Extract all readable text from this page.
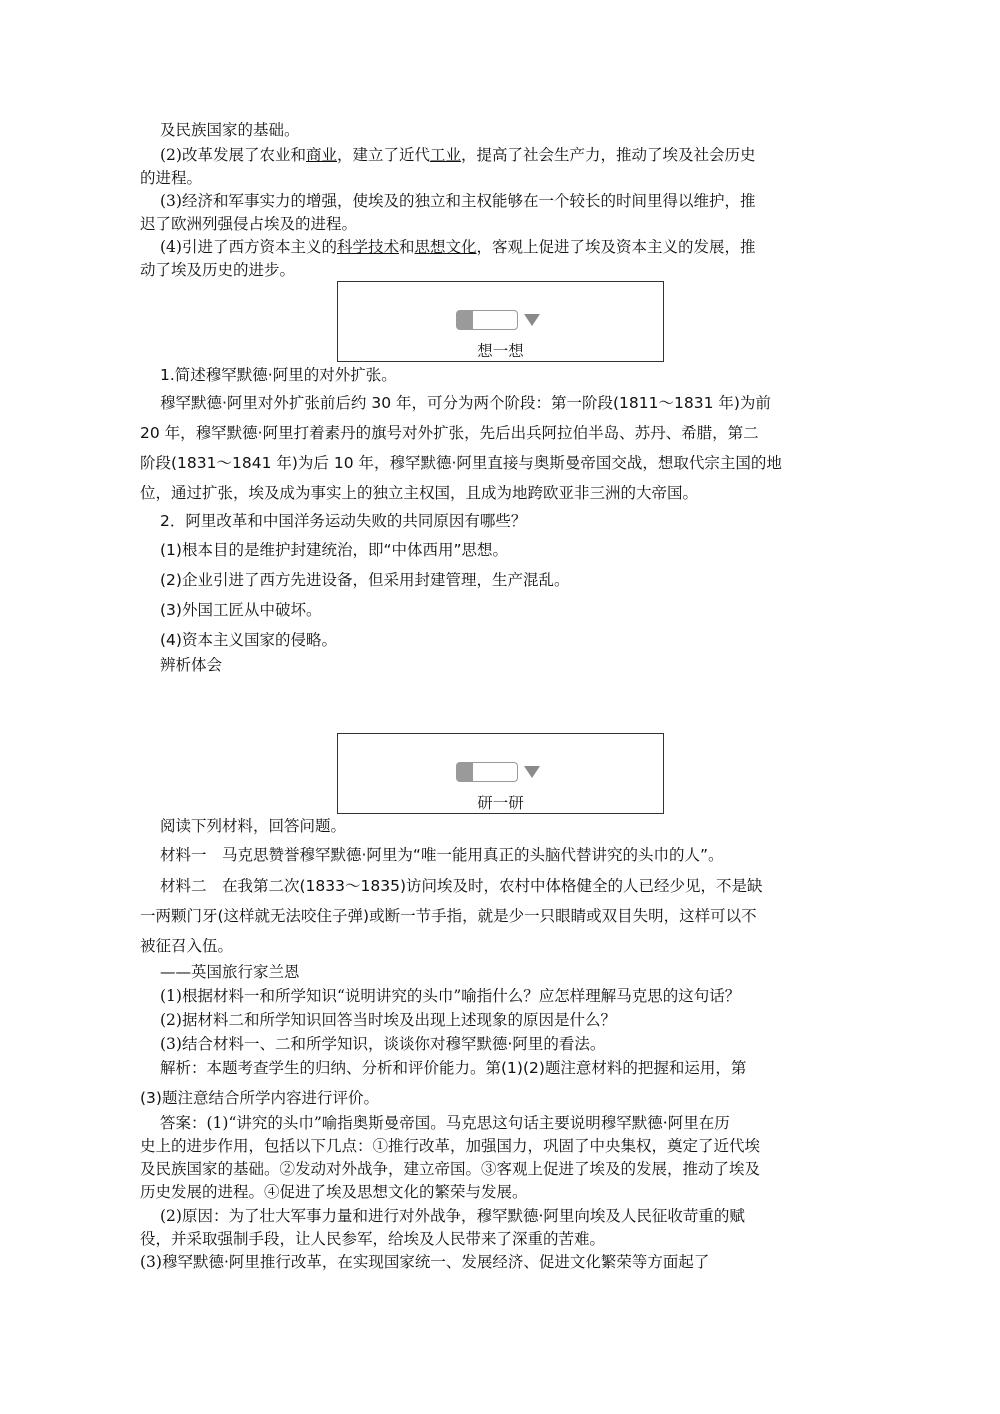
及民族国家的基础。
(2)改革发展了农业和商业，建立了近代工业，提高了社会生产力，推动了埃及社会历史
的进程。
(3)经济和军事实力的增强，使埃及的独立和主权能够在一个较长的时间里得以维护，推
迟了欧洲列强侵占埃及的进程。
(4)引进了西方资本主义的科学技术和思想文化，客观上促进了埃及资本主义的发展，推
动了埃及历史的进步。
想一想
1.简述穆罕默德·阿里的对外扩张。
穆罕默德·阿里对外扩张前后约 30 年，可分为两个阶段：第一阶段(1811～1831 年)为前
20 年，穆罕默德·阿里打着素丹的旗号对外扩张，先后出兵阿拉伯半岛、苏丹、希腊，第二
阶段(1831～1841 年)为后 10 年，穆罕默德·阿里直接与奥斯曼帝国交战，想取代宗主国的地
位，通过扩张，埃及成为事实上的独立主权国，且成为地跨欧亚非三洲的大帝国。
2．阿里改革和中国洋务运动失败的共同原因有哪些？
(1)根本目的是维护封建统治，即“中体西用”思想。
(2)企业引进了西方先进设备，但采用封建管理，生产混乱。
(3)外国工匠从中破坏。
(4)资本主义国家的侵略。
辨析体会
研一研
阅读下列材料，回答问题。
材料一　马克思赞誉穆罕默德·阿里为“唯一能用真正的头脑代替讲究的头巾的人”。
材料二　在我第二次(1833～1835)访问埃及时，农村中体格健全的人已经少见，不是缺
一两颗门牙(这样就无法咬住子弹)或断一节手指，就是少一只眼睛或双目失明，这样可以不
被征召入伍。
——英国旅行家兰恩
(1)根据材料一和所学知识“说明讲究的头巾”喻指什么？应怎样理解马克思的这句话？
(2)据材料二和所学知识回答当时埃及出现上述现象的原因是什么？
(3)结合材料一、二和所学知识，谈谈你对穆罕默德·阿里的看法。
解析：本题考查学生的归纳、分析和评价能力。第(1)(2)题注意材料的把握和运用，第
(3)题注意结合所学内容进行评价。
答案：(1)“讲究的头巾”喻指奥斯曼帝国。马克思这句话主要说明穆罕默德·阿里在历
史上的进步作用，包括以下几点：①推行改革，加强国力，巩固了中央集权，奠定了近代埃
及民族国家的基础。②发动对外战争，建立帝国。③客观上促进了埃及的发展，推动了埃及
历史发展的进程。④促进了埃及思想文化的繁荣与发展。
(2)原因：为了壮大军事力量和进行对外战争，穆罕默德·阿里向埃及人民征收苛重的赋
役，并采取强制手段，让人民参军，给埃及人民带来了深重的苦难。
(3)穆罕默德·阿里推行改革，在实现国家统一、发展经济、促进文化繁荣等方面起了
